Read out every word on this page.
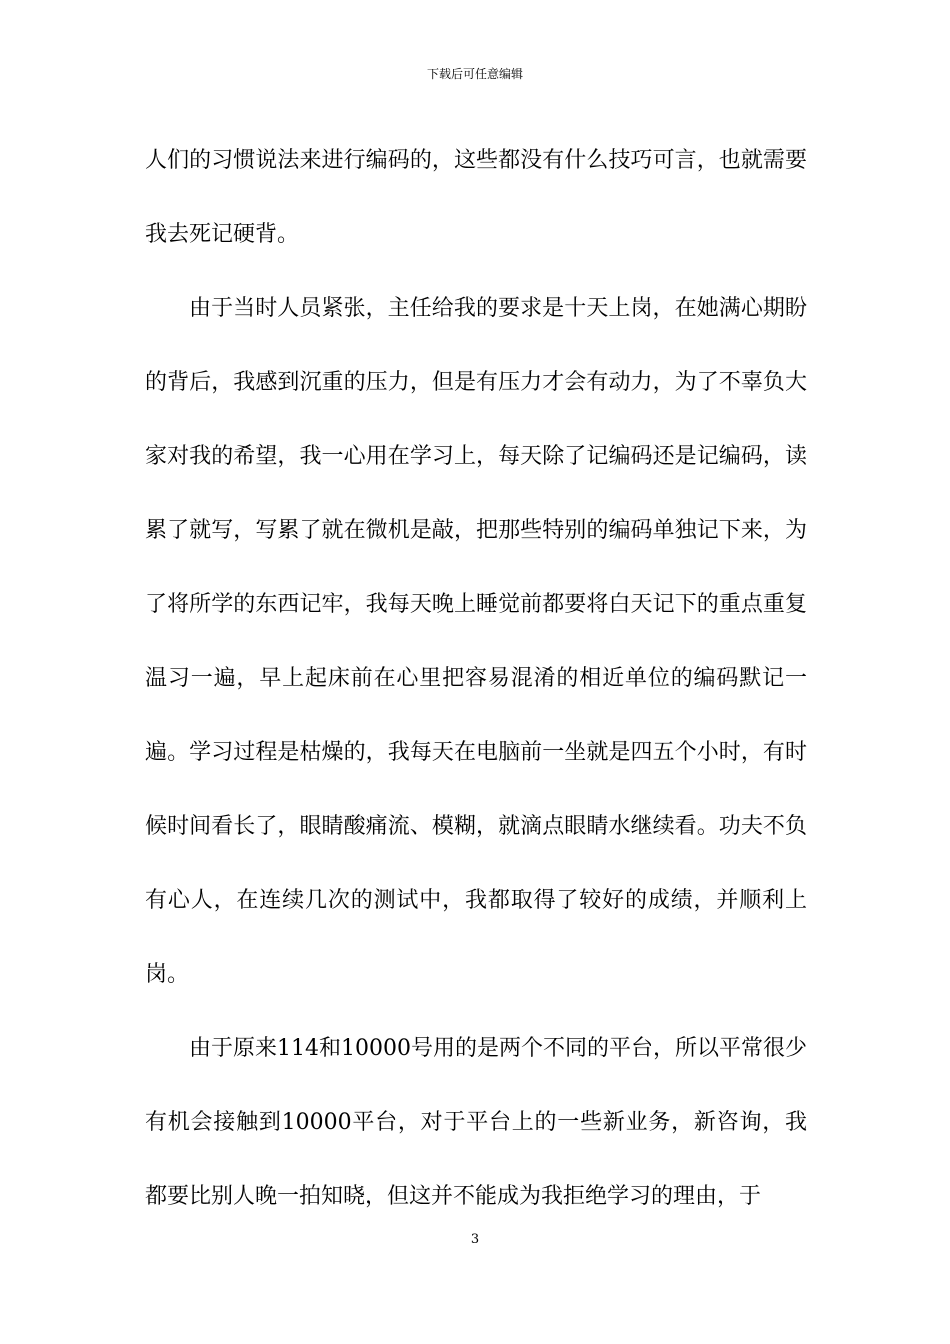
下载后可任意编辑

人们的习惯说法来进行编码的，这些都没有什么技巧可言，也就需要我去死记硬背。

由于当时人员紧张，主任给我的要求是十天上岗，在她满心期盼的背后，我感到沉重的压力，但是有压力才会有动力，为了不辜负大家对我的希望，我一心用在学习上，每天除了记编码还是记编码，读累了就写，写累了就在微机是敲，把那些特别的编码单独记下来，为了将所学的东西记牢，我每天晚上睡觉前都要将白天记下的重点重复温习一遍，早上起床前在心里把容易混淆的相近单位的编码默记一遍。学习过程是枯燥的，我每天在电脑前一坐就是四五个小时，有时候时间看长了，眼睛酸痛流、模糊，就滴点眼睛水继续看。功夫不负有心人，在连续几次的测试中，我都取得了较好的成绩，并顺利上岗。

由于原来114和10000号用的是两个不同的平台，所以平常很少有机会接触到10000平台，对于平台上的一些新业务，新咨询，我都要比别人晚一拍知晓，但这并不能成为我拒绝学习的理由，于

3
